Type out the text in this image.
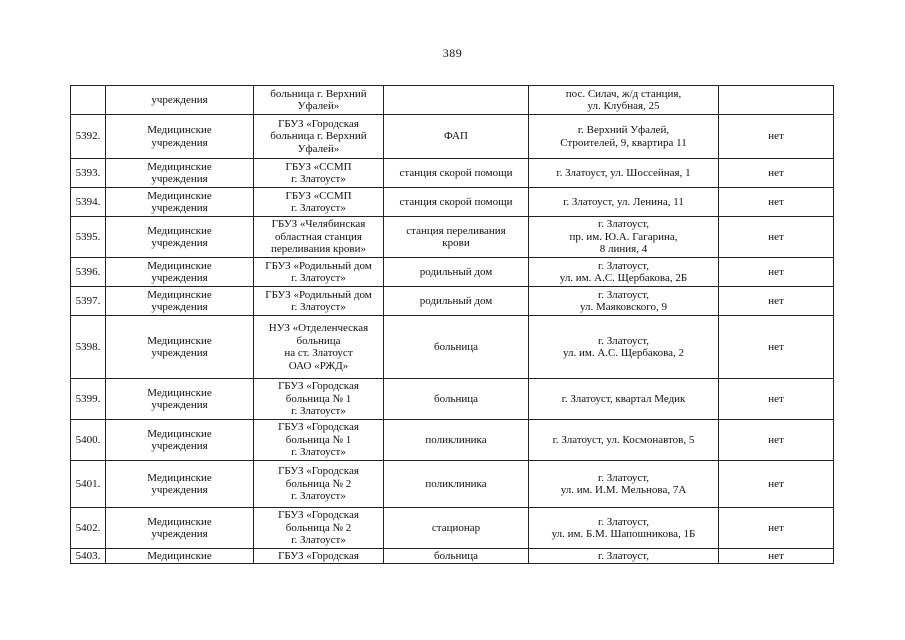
389

	учреждения	больница г. Верхний
Уфалей»		пос. Силач, ж/д станция,
ул. Клубная, 25	

5392.	Медицинские
учреждения	ГБУЗ «Городская
больница г. Верхний
Уфалей»	ФАП	г. Верхний Уфалей,
Строителей, 9, квартира 11	нет

5393.	Медицинские
учреждения	ГБУЗ «ССМП
г. Златоуст»	станция скорой помощи	г. Златоуст, ул. Шоссейная, 1	нет

5394.	Медицинские
учреждения	ГБУЗ «ССМП
г. Златоуст»	станция скорой помощи	г. Златоуст, ул. Ленина, 11	нет

5395.	Медицинские
учреждения	ГБУЗ «Челябинская
областная станция
переливания крови»	станция переливания
крови	г. Златоуст,
пр. им. Ю.А. Гагарина,
8 линия, 4	нет

5396.	Медицинские
учреждения	ГБУЗ «Родильный дом
г. Златоуст»	родильный дом	г. Златоуст,
ул. им. А.С. Щербакова, 2Б	нет

5397.	Медицинские
учреждения	ГБУЗ «Родильный дом
г. Златоуст»	родильный дом	г. Златоуст,
ул. Маяковского, 9	нет

5398.	Медицинские
учреждения	НУЗ «Отделенческая
больница
на ст. Златоуст
ОАО «РЖД»	больница	г. Златоуст,
ул. им. А.С. Щербакова, 2	нет

5399.	Медицинские
учреждения	ГБУЗ «Городская
больница № 1
г. Златоуст»	больница	г. Златоуст, квартал Медик	нет

5400.	Медицинские
учреждения	ГБУЗ «Городская
больница № 1
г. Златоуст»	поликлиника	г. Златоуст, ул. Космонавтов, 5	нет

5401.	Медицинские
учреждения	ГБУЗ «Городская
больница № 2
г. Златоуст»	поликлиника	г. Златоуст,
ул. им. И.М. Мельнова, 7А	нет

5402.	Медицинские
учреждения	ГБУЗ «Городская
больница № 2
г. Златоуст»	стационар	г. Златоуст,
ул. им. Б.М. Шапошникова, 1Б	нет

5403.	Медицинские	ГБУЗ «Городская	больница	г. Златоуст,	нет
